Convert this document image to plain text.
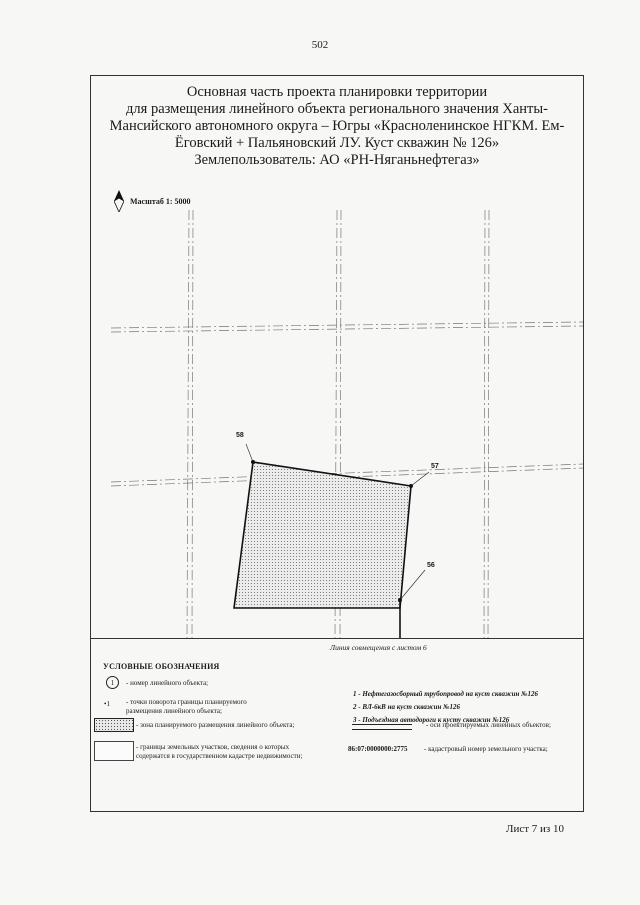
502
Основная часть проекта планировки территории
для размещения линейного объекта регионального значения Ханты-
Мансийского автономного округа – Югры «Красноленинское НГКМ. Ем-
Ёговский + Пальяновский ЛУ. Куст скважин № 126»
Землепользователь: АО «РН-Няганьнефтегаз»
Масштаб 1: 5000
58
57
56
Линия совмещения с листом 6
УСЛОВНЫЕ ОБОЗНАЧЕНИЯ
1	- номер линейного объекта;
•1 - точки поворота границы планируемого
размещения линейного объекта;
1 - Нефтегазосборный трубопровод на куст скважин №126
2 - ВЛ-6кВ на куст скважин №126
3 - Подъездная автодороги к кусту скважин №126
- зона планируемого размещения линейного объекта;	- оси проектируемых линейных объектов;
- границы земельных участков, сведения о которых
содержатся в государственном кадастре недвижимости;
86:07:0000000:2775 - кадастровый номер земельного участка;
Лист 7 из 10
